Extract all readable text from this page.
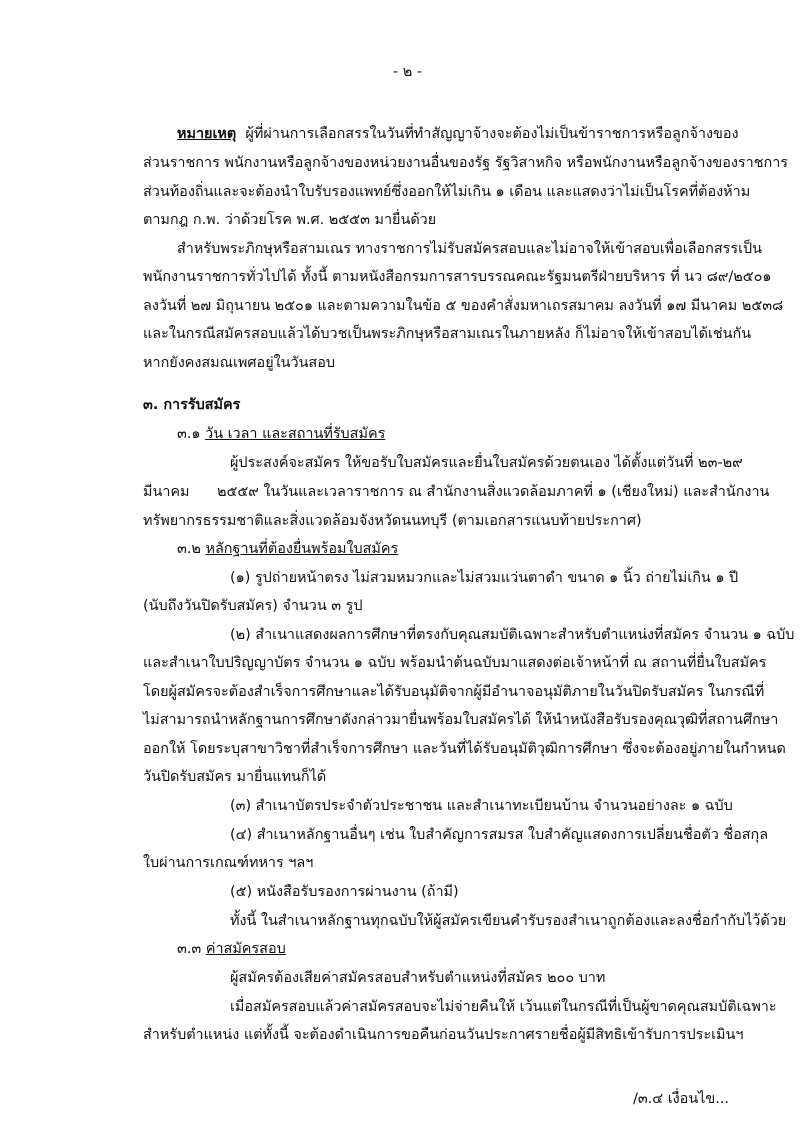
- ๒ -
หมายเหตุ ผู้ที่ผ่านการเลือกสรรในวันที่ทำสัญญาจ้างจะต้องไม่เป็นข้าราชการหรือลูกจ้างของ
ส่วนราชการ พนักงานหรือลูกจ้างของหน่วยงานอื่นของรัฐ รัฐวิสาหกิจ หรือพนักงานหรือลูกจ้างของราชการ
ส่วนท้องถิ่นและจะต้องนำใบรับรองแพทย์ซึ่งออกให้ไม่เกิน ๑ เดือน และแสดงว่าไม่เป็นโรคที่ต้องห้าม
ตามกฎ ก.พ. ว่าด้วยโรค พ.ศ. ๒๕๕๓ มายื่นด้วย
สำหรับพระภิกษุหรือสามเณร ทางราชการไม่รับสมัครสอบและไม่อาจให้เข้าสอบเพื่อเลือกสรรเป็น
พนักงานราชการทั่วไปได้ ทั้งนี้ ตามหนังสือกรมการสารบรรณคณะรัฐมนตรีฝ่ายบริหาร ที่ นว ๘๙/๒๕๐๑
ลงวันที่ ๒๗ มิถุนายน ๒๕๐๑ และตามความในข้อ ๕ ของคำสั่งมหาเถรสมาคม ลงวันที่ ๑๗ มีนาคม ๒๕๓๘
และในกรณีสมัครสอบแล้วได้บวชเป็นพระภิกษุหรือสามเณรในภายหลัง ก็ไม่อาจให้เข้าสอบได้เช่นกัน
หากยังคงสมณเพศอยู่ในวันสอบ
๓. การรับสมัคร
๓.๑ วัน เวลา และสถานที่รับสมัคร
ผู้ประสงค์จะสมัคร ให้ขอรับใบสมัครและยื่นใบสมัครด้วยตนเอง ได้ตั้งแต่วันที่ ๒๓ - ๒๙
มีนาคม ๒๕๕๙ ในวันและเวลาราชการ ณ สำนักงานสิ่งแวดล้อมภาคที่ ๑ (เชียงใหม่) และสำนักงาน
ทรัพยากรธรรมชาติและสิ่งแวดล้อมจังหวัดนนทบุรี (ตามเอกสารแนบท้ายประกาศ)
๓.๒ หลักฐานที่ต้องยื่นพร้อมใบสมัคร
(๑) รูปถ่ายหน้าตรง ไม่สวมหมวกและไม่สวมแว่นตาดำ ขนาด ๑ นิ้ว ถ่ายไม่เกิน ๑ ปี
(นับถึงวันปิดรับสมัคร) จำนวน ๓ รูป
(๒) สำเนาแสดงผลการศึกษาที่ตรงกับคุณสมบัติเฉพาะสำหรับตำแหน่งที่สมัคร จำนวน ๑ ฉบับ
และสำเนาใบปริญญาบัตร จำนวน ๑ ฉบับ พร้อมนำต้นฉบับมาแสดงต่อเจ้าหน้าที่ ณ สถานที่ยื่นใบสมัคร
โดยผู้สมัครจะต้องสำเร็จการศึกษาและได้รับอนุมัติจากผู้มีอำนาจอนุมัติภายในวันปิดรับสมัคร ในกรณีที่
ไม่สามารถนำหลักฐานการศึกษาดังกล่าวมายื่นพร้อมใบสมัครได้ ให้นำหนังสือรับรองคุณวุฒิที่สถานศึกษา
ออกให้ โดยระบุสาขาวิชาที่สำเร็จการศึกษา และวันที่ได้รับอนุมัติวุฒิการศึกษา ซึ่งจะต้องอยู่ภายในกำหนด
วันปิดรับสมัคร มายื่นแทนก็ได้
(๓) สำเนาบัตรประจำตัวประชาชน และสำเนาทะเบียนบ้าน จำนวนอย่างละ ๑ ฉบับ
(๔) สำเนาหลักฐานอื่นๆ เช่น ใบสำคัญการสมรส ใบสำคัญแสดงการเปลี่ยนชื่อตัว ชื่อสกุล
ใบผ่านการเกณฑ์ทหาร ฯลฯ
(๕) หนังสือรับรองการผ่านงาน (ถ้ามี)
ทั้งนี้ ในสำเนาหลักฐานทุกฉบับให้ผู้สมัครเขียนคำรับรองสำเนาถูกต้องและลงชื่อกำกับไว้ด้วย
๓.๓ ค่าสมัครสอบ
ผู้สมัครต้องเสียค่าสมัครสอบสำหรับตำแหน่งที่สมัคร ๒๐๐ บาท
เมื่อสมัครสอบแล้วค่าสมัครสอบจะไม่จ่ายคืนให้ เว้นแต่ในกรณีที่เป็นผู้ขาดคุณสมบัติเฉพาะ
สำหรับตำแหน่ง แต่ทั้งนี้ จะต้องดำเนินการขอคืนก่อนวันประกาศรายชื่อผู้มีสิทธิเข้ารับการประเมินฯ
/๓.๔ เงื่อนไข...
